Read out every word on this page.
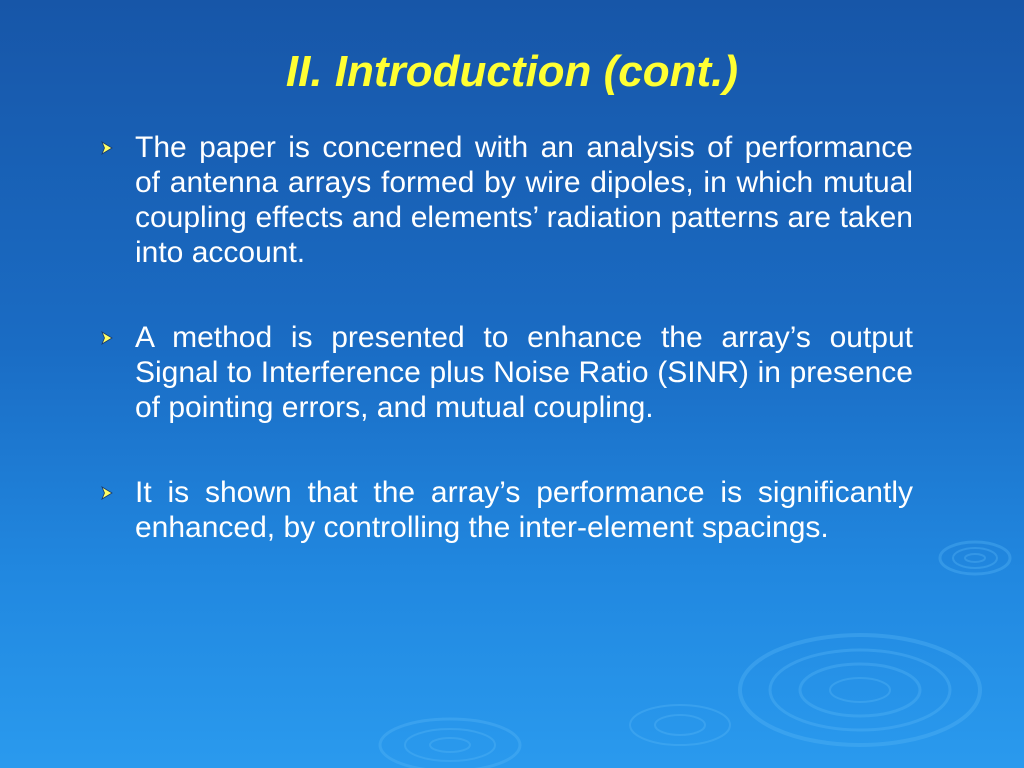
II. Introduction (cont.)
The paper is concerned with an analysis of performance of antenna arrays formed by wire dipoles, in which mutual coupling effects and elements’ radiation patterns are taken into account.
A method is presented to enhance the array’s output Signal to Interference plus Noise Ratio (SINR) in presence of pointing errors, and mutual coupling.
It is shown that the array’s performance is significantly enhanced, by controlling the inter-element spacings.
